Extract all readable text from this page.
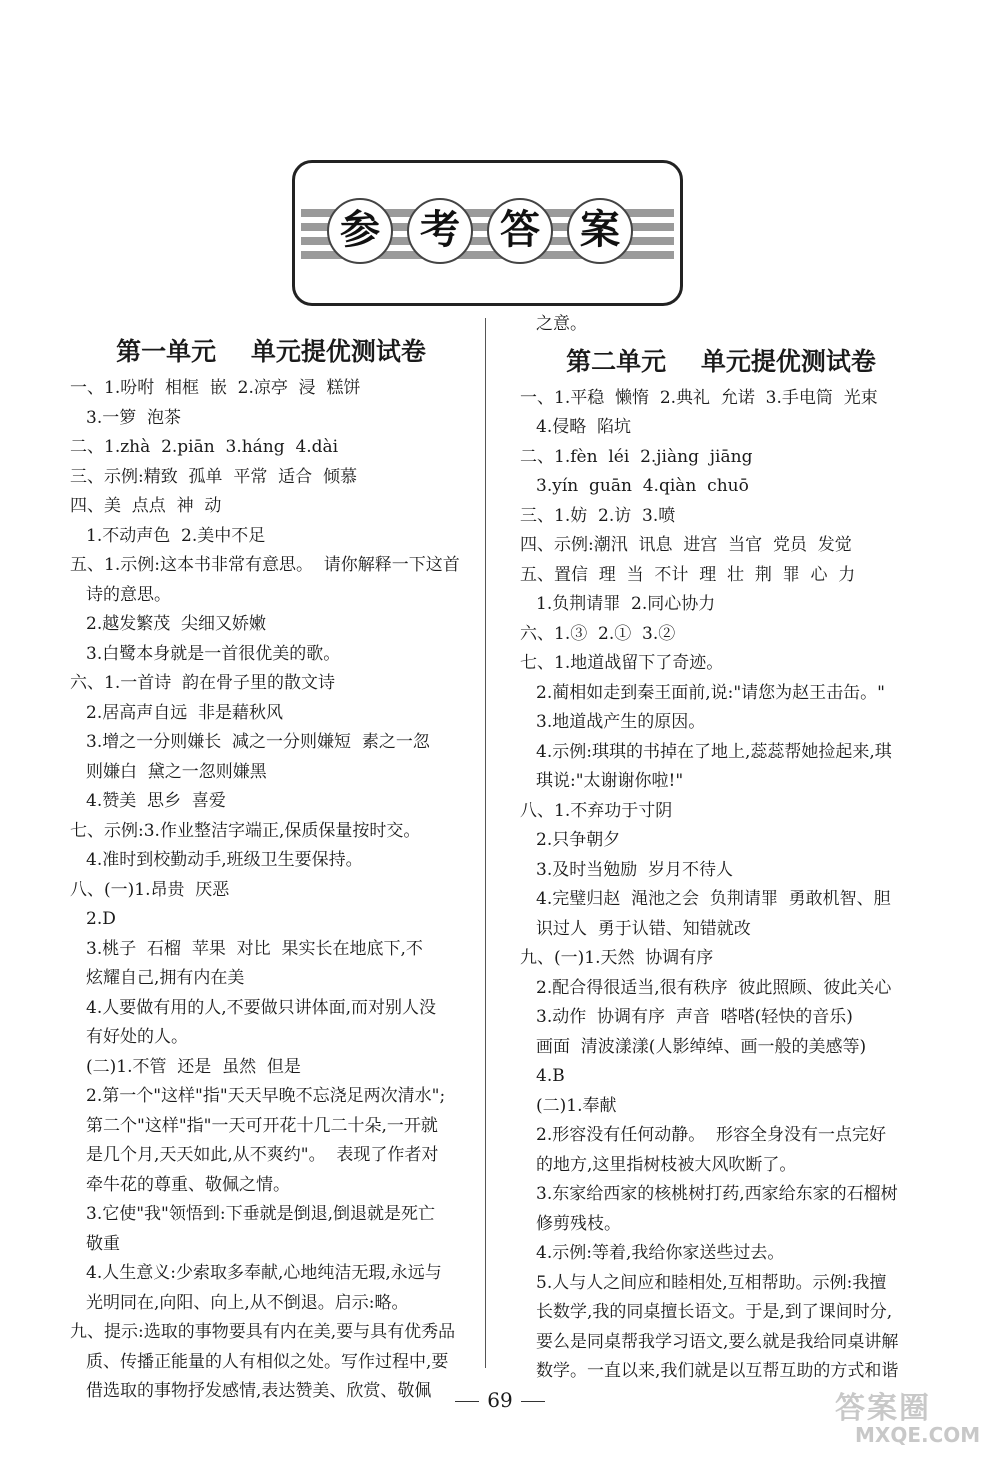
参	考	答	案
第一单元    单元提优测试卷
一、1.吩咐  相框  嵌  2.凉亭  浸  糕饼
3.一箩  泡茶
二、1.zhà  2.piān  3.háng  4.dài
三、示例:精致  孤单  平常  适合  倾慕
四、美  点点  神  动
1.不动声色  2.美中不足
五、1.示例:这本书非常有意思。  请你解释一下这首
诗的意思。
2.越发繁茂  尖细又娇嫩
3.白鹭本身就是一首很优美的歌。
六、1.一首诗  韵在骨子里的散文诗
2.居高声自远  非是藉秋风
3.增之一分则嫌长  减之一分则嫌短  素之一忽
则嫌白  黛之一忽则嫌黑
4.赞美  思乡  喜爱
七、示例:3.作业整洁字端正,保质保量按时交。
4.准时到校勤动手,班级卫生要保持。
八、(一)1.昂贵  厌恶
2.D
3.桃子  石榴  苹果  对比  果实长在地底下,不
炫耀自己,拥有内在美
4.人要做有用的人,不要做只讲体面,而对别人没
有好处的人。
(二)1.不管  还是  虽然  但是
2.第一个"这样"指"天天早晚不忘浇足两次清水";
第二个"这样"指"一天可开花十几二十朵,一开就
是几个月,天天如此,从不爽约"。  表现了作者对
牵牛花的尊重、敬佩之情。
3.它使"我"领悟到:下垂就是倒退,倒退就是死亡
敬重
4.人生意义:少索取多奉献,心地纯洁无瑕,永远与
光明同在,向阳、向上,从不倒退。启示:略。
九、提示:选取的事物要具有内在美,要与具有优秀品
质、传播正能量的人有相似之处。写作过程中,要
借选取的事物抒发感情,表达赞美、欣赏、敬佩
之意。
第二单元    单元提优测试卷
一、1.平稳  懒惰  2.典礼  允诺  3.手电筒  光束
4.侵略  陷坑
二、1.fèn  léi  2.jiàng  jiāng
3.yín  guān  4.qiàn  chuō
三、1.妨  2.访  3.喷
四、示例:潮汛  讯息  进宫  当官  党员  发觉
五、置信  理  当  不计  理  壮  荆  罪  心  力
1.负荆请罪  2.同心协力
六、1.③  2.①  3.②
七、1.地道战留下了奇迹。
2.蔺相如走到秦王面前,说:"请您为赵王击缶。"
3.地道战产生的原因。
4.示例:琪琪的书掉在了地上,蕊蕊帮她捡起来,琪
琪说:"太谢谢你啦!"
八、1.不弃功于寸阴
2.只争朝夕
3.及时当勉励  岁月不待人
4.完璧归赵  渑池之会  负荆请罪  勇敢机智、胆
识过人  勇于认错、知错就改
九、(一)1.天然  协调有序
2.配合得很适当,很有秩序  彼此照顾、彼此关心
3.动作  协调有序  声音  嗒嗒(轻快的音乐)
画面  清波漾漾(人影绰绰、画一般的美感等)
4.B
(二)1.奉献
2.形容没有任何动静。  形容全身没有一点完好
的地方,这里指树枝被大风吹断了。
3.东家给西家的核桃树打药,西家给东家的石榴树
修剪残枝。
4.示例:等着,我给你家送些过去。
5.人与人之间应和睦相处,互相帮助。示例:我擅
长数学,我的同桌擅长语文。于是,到了课间时分,
要么是同桌帮我学习语文,要么就是我给同桌讲解
数学。一直以来,我们就是以互帮互助的方式和谐
69	答案圈
MXQE.COM
